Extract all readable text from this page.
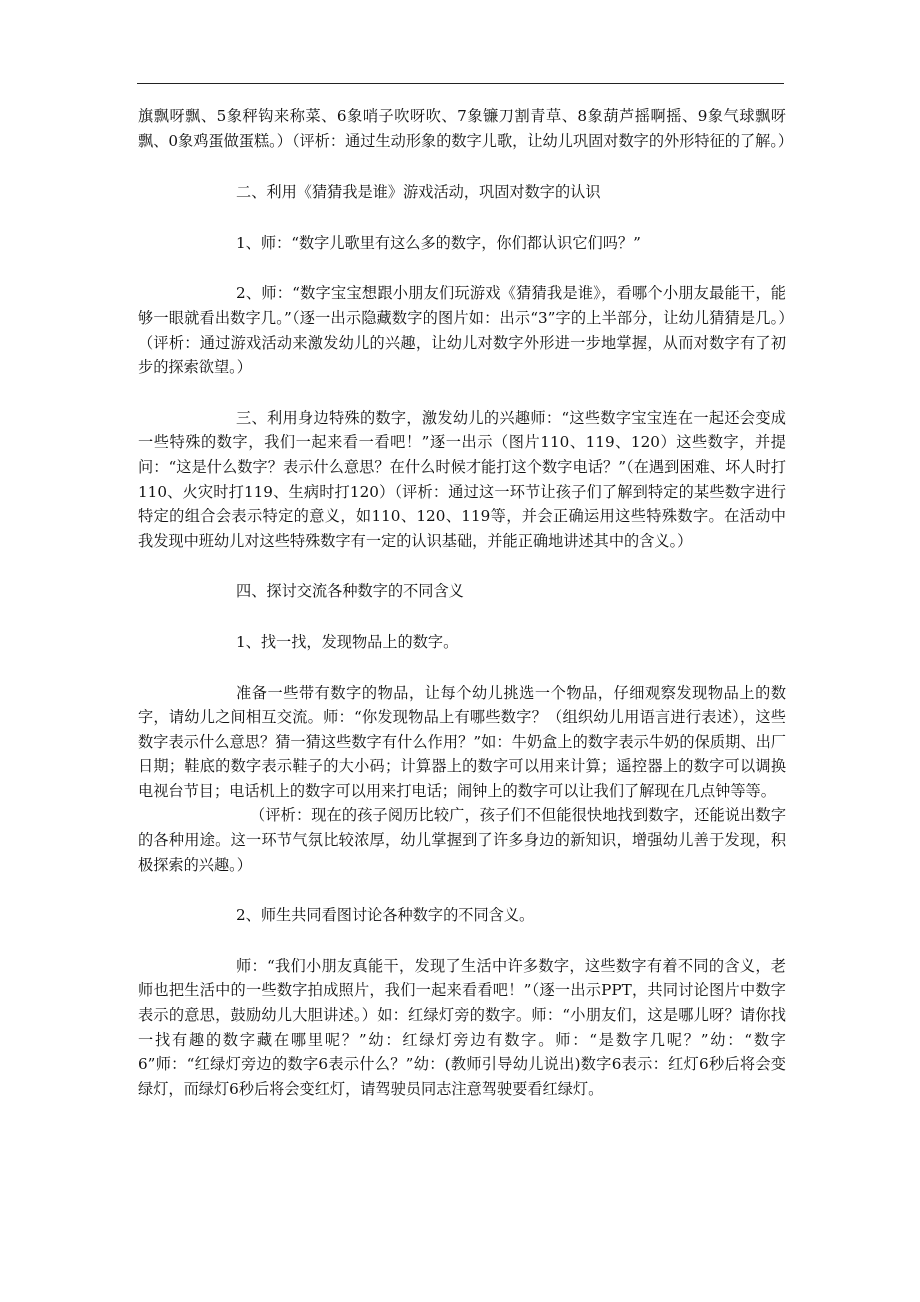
旗飘呀飘、5象秤钩来称菜、6象哨子吹呀吹、7象镰刀割青草、8象葫芦摇啊摇、9象气球飘呀飘、0象鸡蛋做蛋糕。）（评析：通过生动形象的数字儿歌，让幼儿巩固对数字的外形特征的了解。）

二、利用《猜猜我是谁》游戏活动，巩固对数字的认识

1、师：“数字儿歌里有这么多的数字，你们都认识它们吗？”

2、师：“数字宝宝想跟小朋友们玩游戏《猜猜我是谁》，看哪个小朋友最能干，能够一眼就看出数字几。”（逐一出示隐藏数字的图片如：出示“3”字的上半部分，让幼儿猜猜是几。）（评析：通过游戏活动来激发幼儿的兴趣，让幼儿对数字外形进一步地掌握，从而对数字有了初步的探索欲望。）

三、利用身边特殊的数字，激发幼儿的兴趣师：“这些数字宝宝连在一起还会变成一些特殊的数字，我们一起来看一看吧！”逐一出示（图片110、119、120）这些数字，并提问：“这是什么数字？表示什么意思？在什么时候才能打这个数字电话？”（在遇到困难、坏人时打110、火灾时打119、生病时打120）（评析：通过这一环节让孩子们了解到特定的某些数字进行特定的组合会表示特定的意义，如110、120、119等，并会正确运用这些特殊数字。在活动中我发现中班幼儿对这些特殊数字有一定的认识基础，并能正确地讲述其中的含义。）

四、探讨交流各种数字的不同含义

1、找一找，发现物品上的数字。

准备一些带有数字的物品，让每个幼儿挑选一个物品，仔细观察发现物品上的数字，请幼儿之间相互交流。师：“你发现物品上有哪些数字？（组织幼儿用语言进行表述），这些数字表示什么意思？猜一猜这些数字有什么作用？”如：牛奶盒上的数字表示牛奶的保质期、出厂日期；鞋底的数字表示鞋子的大小码；计算器上的数字可以用来计算；遥控器上的数字可以调换电视台节目；电话机上的数字可以用来打电话；闹钟上的数字可以让我们了解现在几点钟等等。

（评析：现在的孩子阅历比较广，孩子们不但能很快地找到数字，还能说出数字的各种用途。这一环节气氛比较浓厚，幼儿掌握到了许多身边的新知识，增强幼儿善于发现，积极探索的兴趣。）

2、师生共同看图讨论各种数字的不同含义。

师：“我们小朋友真能干，发现了生活中许多数字，这些数字有着不同的含义，老师也把生活中的一些数字拍成照片，我们一起来看看吧！”（逐一出示PPT，共同讨论图片中数字表示的意思，鼓励幼儿大胆讲述。）如：红绿灯旁的数字。师：“小朋友们，这是哪儿呀？请你找一找有趣的数字藏在哪里呢？”幼：红绿灯旁边有数字。师：“是数字几呢？”幼：“数字6”师：“红绿灯旁边的数字6表示什么？”幼：(教师引导幼儿说出)数字6表示：红灯6秒后将会变绿灯，而绿灯6秒后将会变红灯，请驾驶员同志注意驾驶要看红绿灯。
